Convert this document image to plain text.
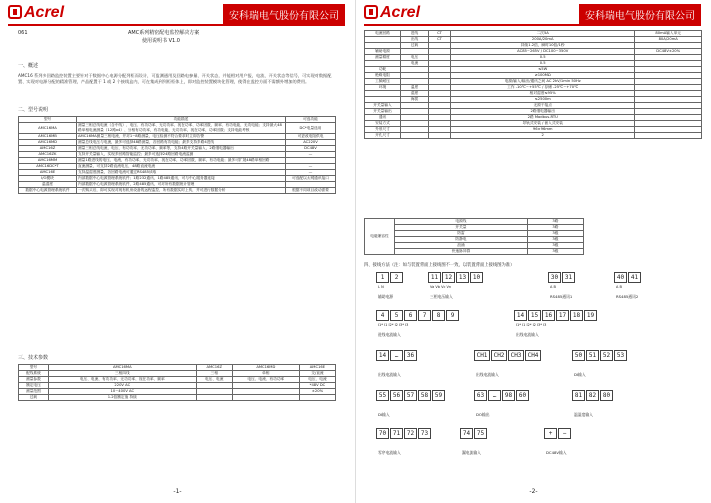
Acrel	安科瑞电气股份有限公司
061	AMC系列精密配电监控解决方案
使用说明书 V1.0
一、概述
AMC16 系列多回路监控装置主要针对于数据中心电源分配列柜而设计，可监测通用及回路电参量、开关状态，并能相对用户报，电流、开关状态等信号，可实现对数据配置、实现对电源分配的精准管理，产品配置于 1 或 2 个接线盒内，可在集成到列柜柜体上，即对监控装置模块化管理，使得在监控方面不需额外增加的费用。
二、型号说明
型号	功能描述	可选功能
AMC16MA	测量三相总线电流（含中线）、电压、有功功率、无功功率、视在功率、功率因数、频率、有功电能，无功电能；支持最大48路单相电流测量（12路x4）、分相有功功率，有功电能，无功功率，视在功率，功率因数；支持电能考核	DC*电量选用
AMC16MB	AMC16MA测量三相电流，并对1~8路测量，电压检测不符合要求时立即告警	可更改电阻供电
AMC16MD	测量总线电压与电流，最多可选择48路测量，各回路有功电能；最多支持多路4进线	AC220V
AMC16Z	测量三相总线电流，电压、有功功率、无功功率、频率等，支持4路开关量输入，2路继电器输出	DC48V
AMC16ZK	支持开关量输入，实现多回路智能监控；最多可选择24路回路电流监测	—
AMC16MM	测量1路进线的电压，电流，有功功率，无功功率，视在功率，功率因数，频率，有功电能；最多可扩展48路单相回路	
AMC16DC*T	直流测量，可支持2路直流电压，48路直流电流	—
AMC16E	支持温湿度测量，各回路电流可通过RS485读取	—
I/O模块	内部数据中心电源管理系统软件；1路232通讯，1路485通讯，可与中心服务器连接	可选配以太网通讯接口
温湿度	内部数据中心电源管理系统软件，2路485通讯，可对所有数据统计管理	
数据中心电源管理系统软件	一次购买后，即可实现对现有机房设备的远程监控，所有数据实时上传，并可进行数据分析	根据不同项目改动需要
三、技术参数
型号	AMC16MA	AMC16Z	AMC16MD	AMC16E
配线系统	三相四线	三相	单相	交/直流
测量参数	电压、电流、有功功率、无功功率、视在功率、频率	电压、电流	电压、电流、有功功率	电压、电流
额定电压	220V AC			*48V DC
测量范围	10~400V AC			±20%
过载	1.2倍额定值 持续			
-1-
Acrel	安科瑞电气股份有限公司
电流回路	进线	CT	二次5A	80mA输入单元
	出线	CT	200A/20mA	80A/20mA
	过载		持续1.2倍，瞬时10倍/1秒	
辅助电源			AC85~265V / DC100~350V	DC48V±20%
测量精度	电压		0.5	
	电流		0.5	
功耗			≤5W	
绝缘电阻			≥100MΩ	
工频耐压			电源/输入/输出/通讯之间 AC 2kV/1min 50Hz	
环境	温度		工作 -10℃~+55℃ / 存储 -25℃~+70℃	
	湿度		相对湿度≤95%	
	海拔		≤2500m	
开关量输入			无源干接点	
开关量输出			2路继电器输出	
通讯			2路 Modbus-RTU	
安装方式			导轨式安装 / 嵌入式安装	
外形尺寸			96×96mm	
开孔尺寸			2	
电磁兼容性	电源线	3路
	开关量	3路
	防雷	3级
	防静电	3级
	浪涌	3级
	快速脉冲群	3级
四、接线方法（注：如与装置背面上接线图不一致，以装置背面上接线图为准）
1	2
L N
辅助电源
11	12	13	10
Va Vb Vc Vn
三相电压输入
30	31
A B
RS485通讯1
40	41
A B
RS485通讯2
4	5	6	7	8	9
I1* I1 I2* I2 I3* I3
进线电流输入
14	15	16	17	18	19
I1* I1 I2* I2 I3* I3
出线电流输入
14	…	36
出线电流输入
CH1	CH2	CH3	CH4
出线电流输入
50	51	52	53
DI输入
55	56	57	58	59
DI输入
63	…	98	60
DO输出
81	82	80
温湿度输入
70	71	72	73
零序电流输入
74	75
漏电流输入
+	−
DC48V输入
-2-
